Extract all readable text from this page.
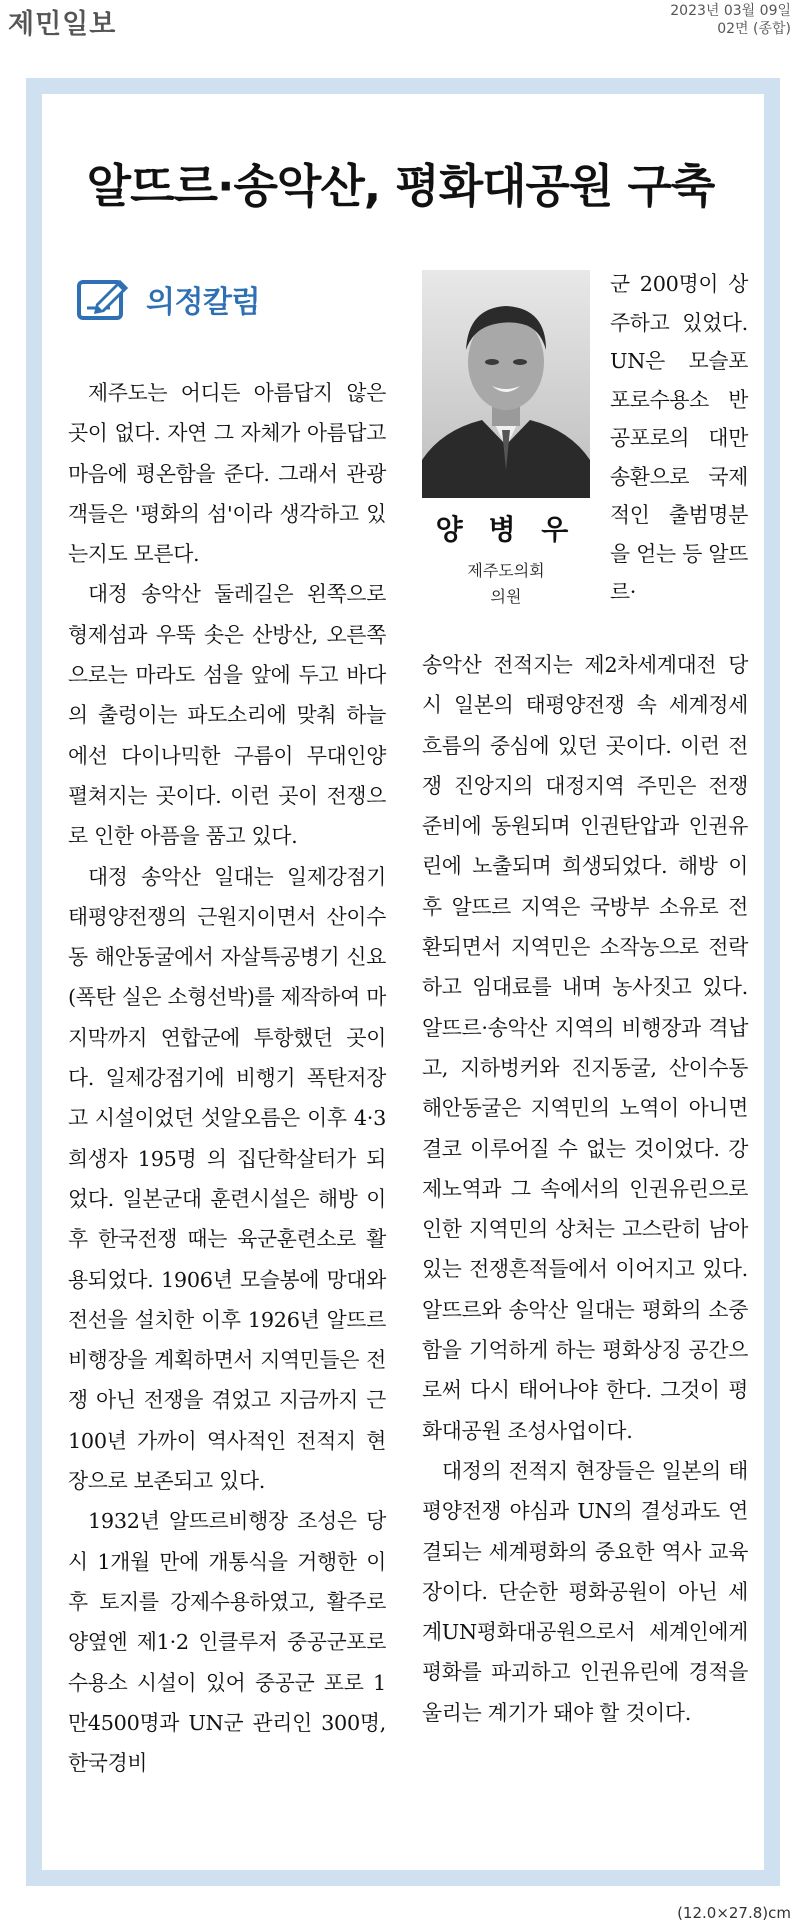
제민일보	2023년 03월 09일
02면 (종합)
알뜨르·송악산, 평화대공원 구축
의정칼럼
양 병 우
제주도의회
의원

제주도는 어디든 아름답지 않은 곳이 없다. 자연 그 자체가 아름답고 마음에 평온함을 준다. 그래서 관광객들은 '평화의 섬'이라 생각하고 있는지도 모른다.

대정 송악산 둘레길은 왼쪽으로 형제섬과 우뚝 솟은 산방산, 오른쪽으로는 마라도 섬을 앞에 두고 바다의 출렁이는 파도소리에 맞춰 하늘에선 다이나믹한 구름이 무대인양 펼쳐지는 곳이다. 이런 곳이 전쟁으로 인한 아픔을 품고 있다.

대정 송악산 일대는 일제강점기 태평양전쟁의 근원지이면서 산이수동 해안동굴에서 자살특공병기 신요(폭탄 실은 소형선박)를 제작하여 마지막까지 연합군에 투항했던 곳이다. 일제강점기에 비행기 폭탄저장고 시설이었던 섯알오름은 이후 4·3 희생자 195명 의 집단학살터가 되었다. 일본군대 훈련시설은 해방 이후 한국전쟁 때는 육군훈련소로 활용되었다. 1906년 모슬봉에 망대와 전선을 설치한 이후 1926년 알뜨르비행장을 계획하면서 지역민들은 전쟁 아닌 전쟁을 겪었고 지금까지 근 100년 가까이 역사적인 전적지 현장으로 보존되고 있다.

1932년 알뜨르비행장 조성은 당시 1개월 만에 개통식을 거행한 이후 토지를 강제수용하였고, 활주로 양옆엔 제1·2 인클루저 중공군포로수용소 시설이 있어 중공군 포로 1만4500명과 UN군 관리인 300명, 한국경비

군 200명이 상주하고 있었다. UN은 모슬포 포로수용소 반공포로의 대만송환으로 국제적인 출범명분을 얻는 등 알뜨르·
송악산 전적지는 제2차세계대전 당시 일본의 태평양전쟁 속 세계정세 흐름의 중심에 있던 곳이다. 이런 전쟁 진앙지의 대정지역 주민은 전쟁 준비에 동원되며 인권탄압과 인권유린에 노출되며 희생되었다. 해방 이후 알뜨르 지역은 국방부 소유로 전환되면서 지역민은 소작농으로 전락하고 임대료를 내며 농사짓고 있다. 알뜨르·송악산 지역의 비행장과 격납고, 지하벙커와 진지동굴, 산이수동 해안동굴은 지역민의 노역이 아니면 결코 이루어질 수 없는 것이었다. 강제노역과 그 속에서의 인권유린으로 인한 지역민의 상처는 고스란히 남아있는 전쟁흔적들에서 이어지고 있다. 알뜨르와 송악산 일대는 평화의 소중함을 기억하게 하는 평화상징 공간으로써 다시 태어나야 한다. 그것이 평화대공원 조성사업이다.

대정의 전적지 현장들은 일본의 태평양전쟁 야심과 UN의 결성과도 연결되는 세계평화의 중요한 역사 교육장이다. 단순한 평화공원이 아닌 세계UN평화대공원으로서 세계인에게 평화를 파괴하고 인권유린에 경적을 울리는 계기가 돼야 할 것이다.

(12.0×27.8)cm
